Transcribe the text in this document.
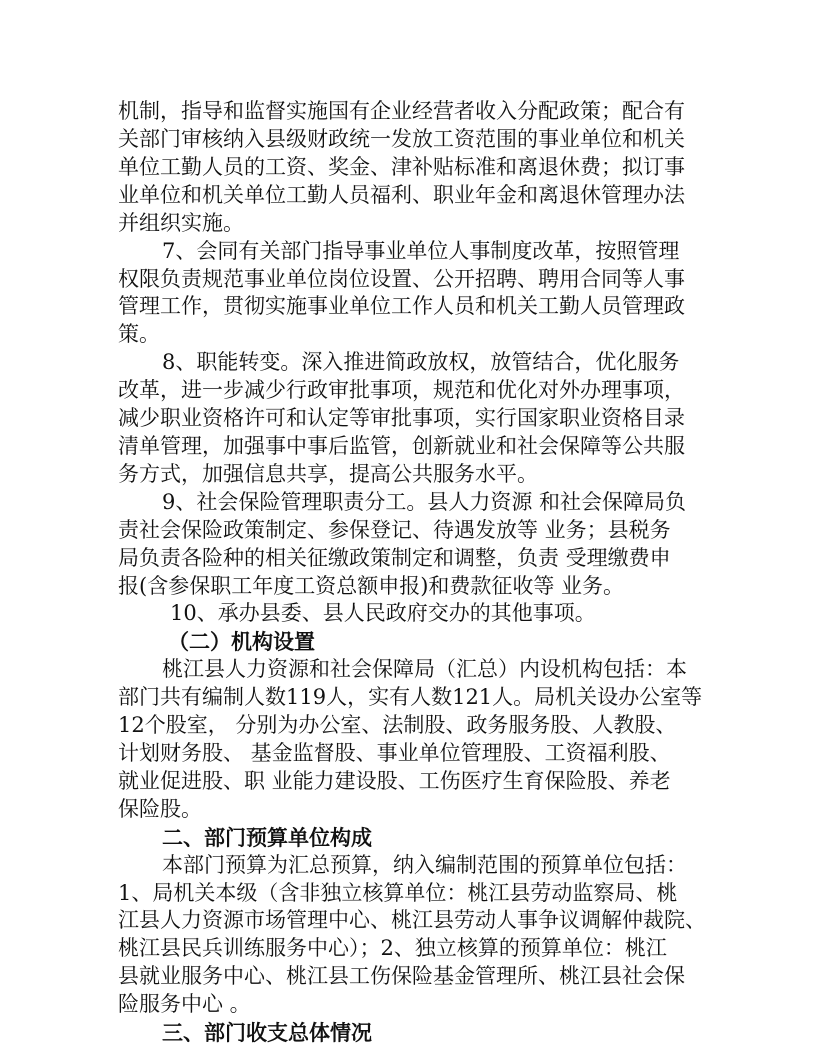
机制，指导和监督实施国有企业经营者收入分配政策；配合有

关部门审核纳入县级财政统一发放工资范围的事业单位和机关

单位工勤人员的工资、奖金、津补贴标准和离退休费；拟订事

业单位和机关单位工勤人员福利、职业年金和离退休管理办法

并组织实施。

7、会同有关部门指导事业单位人事制度改革，按照管理

权限负责规范事业单位岗位设置、公开招聘、聘用合同等人事

管理工作，贯彻实施事业单位工作人员和机关工勤人员管理政

策。

8、职能转变。深入推进简政放权，放管结合，优化服务

改革，进一步减少行政审批事项，规范和优化对外办理事项，

减少职业资格许可和认定等审批事项，实行国家职业资格目录

清单管理，加强事中事后监管，创新就业和社会保障等公共服

务方式，加强信息共享，提高公共服务水平。

9、社会保险管理职责分工。县人力资源 和社会保障局负

责社会保险政策制定、参保登记、待遇发放等 业务；县税务

局负责各险种的相关征缴政策制定和调整，负责 受理缴费申

报(含参保职工年度工资总额申报)和费款征收等 业务。

10、承办县委、县人民政府交办的其他事项。

（二）机构设置

桃江县人力资源和社会保障局（汇总）内设机构包括：本

部门共有编制人数119人，实有人数121人。局机关设办公室等

12个股室， 分别为办公室、法制股、政务服务股、人教股、

计划财务股、 基金监督股、事业单位管理股、工资福利股、

就业促进股、职 业能力建设股、工伤医疗生育保险股、养老

保险股。

二、部门预算单位构成

本部门预算为汇总预算，纳入编制范围的预算单位包括：

1、局机关本级（含非独立核算单位：桃江县劳动监察局、桃

江县人力资源市场管理中心、桃江县劳动人事争议调解仲裁院、

桃江县民兵训练服务中心）；2、独立核算的预算单位：桃江

县就业服务中心、桃江县工伤保险基金管理所、桃江县社会保

险服务中心 。

三、部门收支总体情况
